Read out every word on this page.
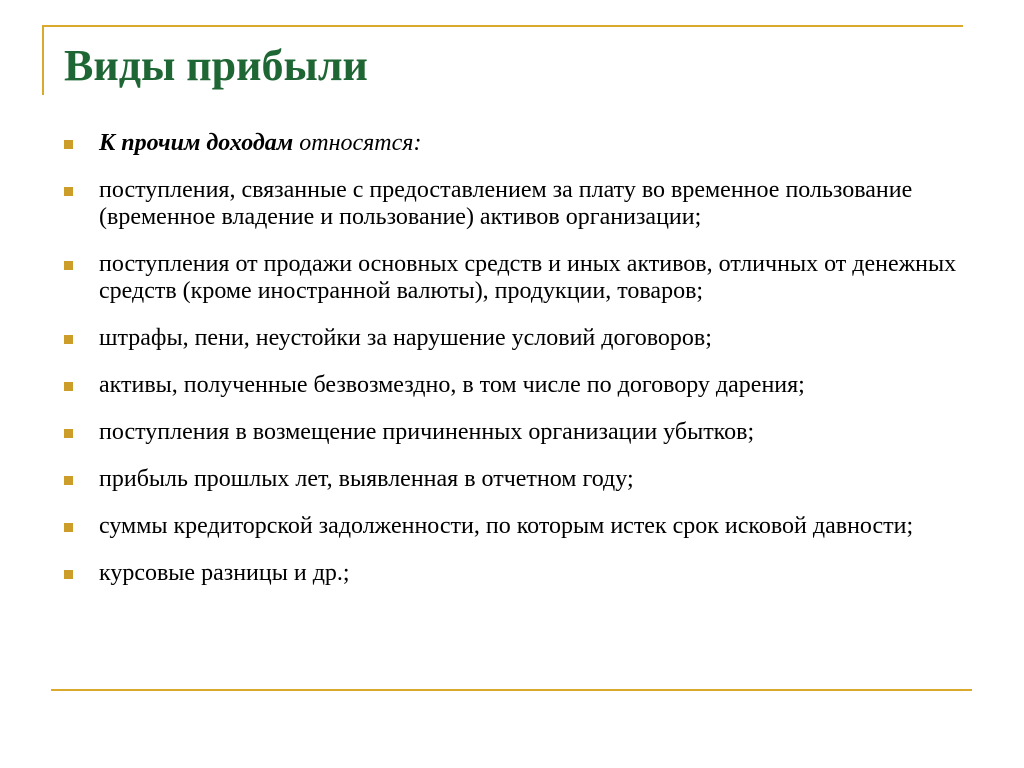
Виды прибыли
К прочим доходам относятся:
поступления, связанные с предоставлением за плату во временное пользование (временное владение и пользование) активов организации;
поступления от продажи основных средств и иных активов, отличных от денежных средств (кроме иностранной валюты), продукции, товаров;
штрафы, пени, неустойки за нарушение условий договоров;
активы, полученные безвозмездно, в том числе по договору дарения;
поступления в возмещение причиненных организации убытков;
прибыль прошлых лет, выявленная в отчетном году;
суммы кредиторской задолженности, по которым истек срок исковой давности;
курсовые разницы и др.;
